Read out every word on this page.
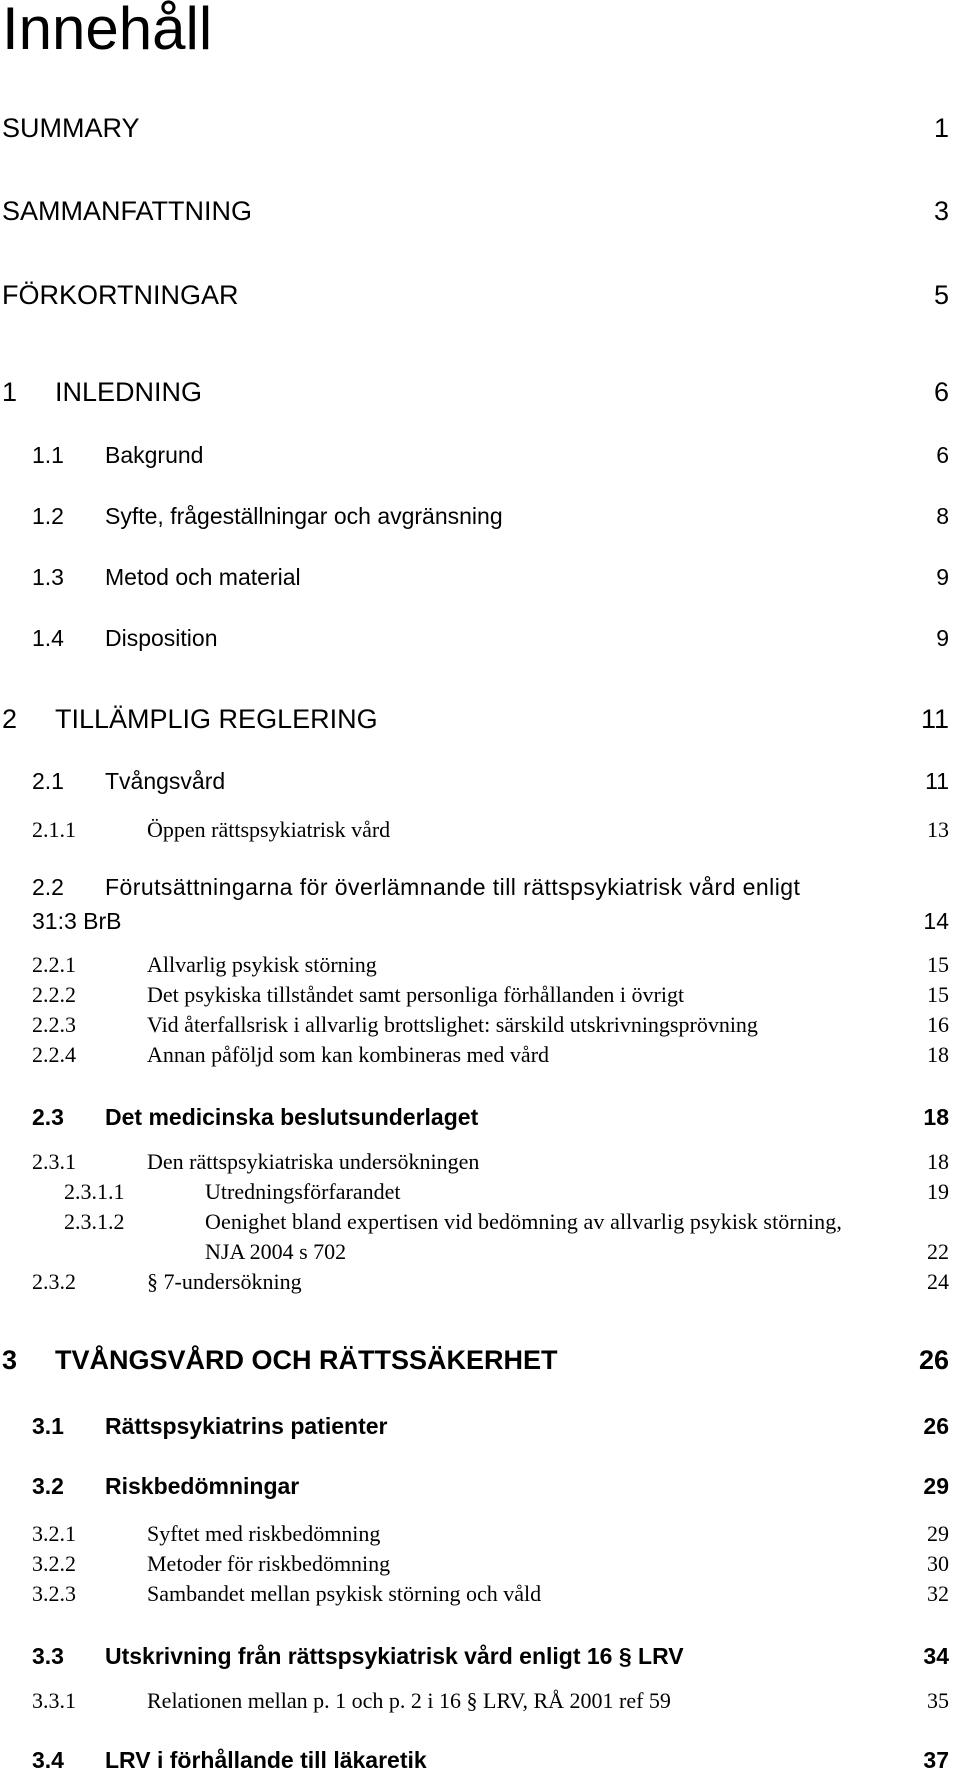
Innehåll
SUMMARY	1
SAMMANFATTNING	3
FÖRKORTNINGAR	5
1 INLEDNING	6
1.1 Bakgrund	6
1.2 Syfte, frågeställningar och avgränsning	8
1.3 Metod och material	9
1.4 Disposition	9
2 TILLÄMPLIG REGLERING	11
2.1 Tvångsvård	11
2.1.1	Öppen rättspsykiatrisk vård	13
2.2 Förutsättningarna för överlämnande till rättspsykiatrisk vård enligt
31:3 BrB	14
2.2.1	Allvarlig psykisk störning	15
2.2.2	Det psykiska tillståndet samt personliga förhållanden i övrigt	15
2.2.3	Vid återfallsrisk i allvarlig brottslighet: särskild utskrivningsprövning	16
2.2.4	Annan påföljd som kan kombineras med vård	18
2.3 Det medicinska beslutsunderlaget	18
2.3.1	Den rättspsykiatriska undersökningen	18
2.3.1.1	Utredningsförfarandet	19
2.3.1.2	Oenighet bland expertisen vid bedömning av allvarlig psykisk störning,
NJA 2004 s 702	22
2.3.2	§ 7-undersökning	24
3 TVÅNGSVÅRD OCH RÄTTSSÄKERHET	26
3.1 Rättspsykiatrins patienter	26
3.2 Riskbedömningar	29
3.2.1	Syftet med riskbedömning	29
3.2.2	Metoder för riskbedömning	30
3.2.3	Sambandet mellan psykisk störning och våld	32
3.3 Utskrivning från rättspsykiatrisk vård enligt 16 § LRV	34
3.3.1	Relationen mellan p. 1 och p. 2 i 16 § LRV, RÅ 2001 ref 59	35
3.4 LRV i förhållande till läkaretik	37
